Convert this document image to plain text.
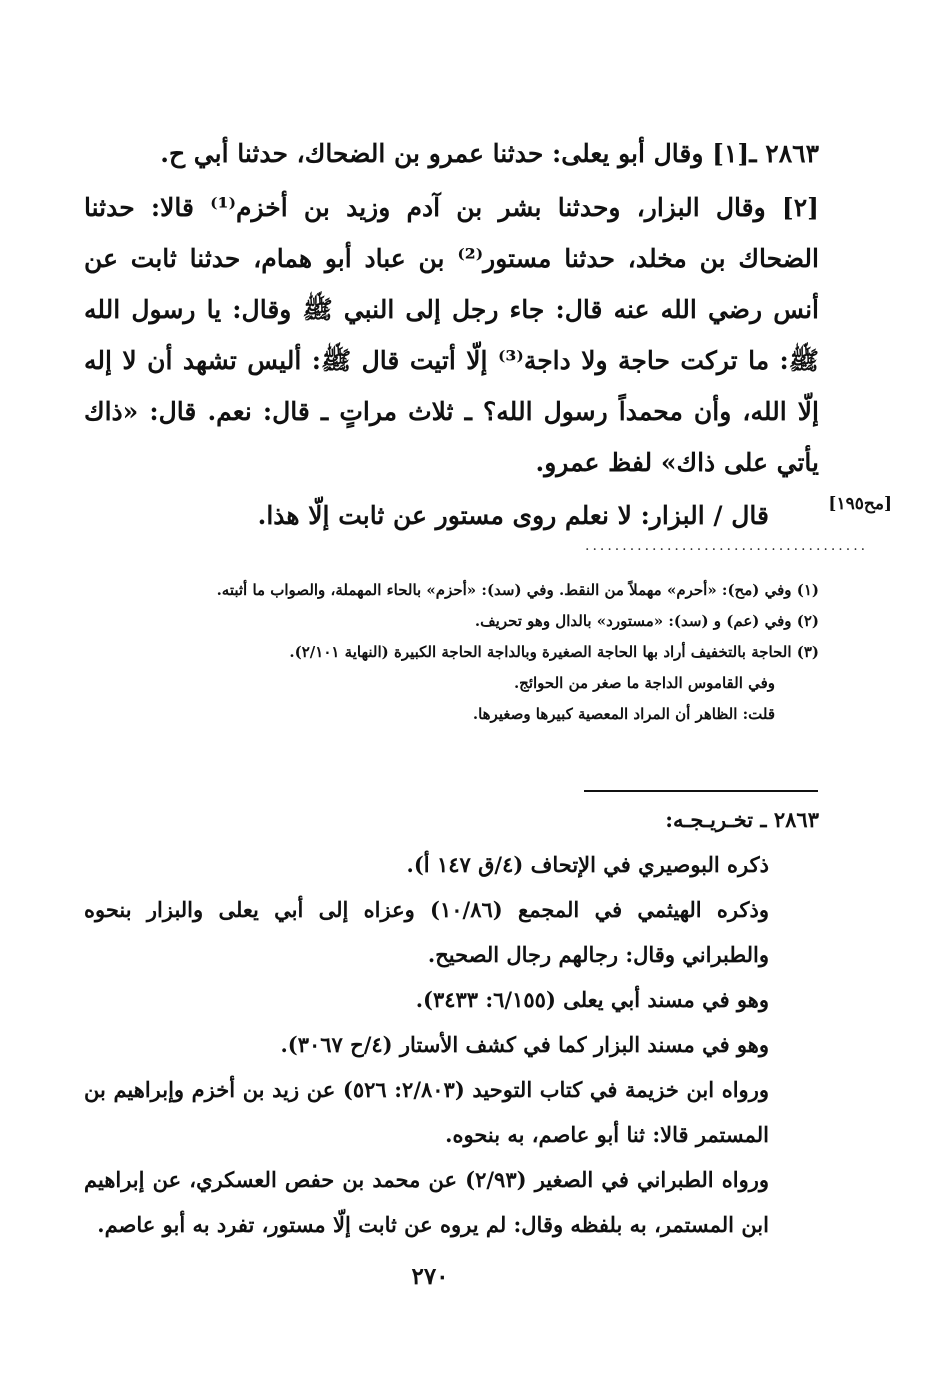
٢٨٦٣ ـ[١] وقال أبو يعلى: حدثنا عمرو بن الضحاك، حدثنا أبي ح.

[٢] وقال البزار، وحدثنا بشر بن آدم وزيد بن أخزم⁽¹⁾ قالا: حدثنا الضحاك بن مخلد، حدثنا مستور⁽²⁾ بن عباد أبو همام، حدثنا ثابت عن أنس رضي الله عنه قال: جاء رجل إلى النبي ﷺ وقال: يا رسول الله ﷺ: ما تركت حاجة ولا داجة⁽³⁾ إلّا أتيت قال ﷺ: أليس تشهد أن لا إله إلّا الله، وأن محمداً رسول الله؟ ـ ثلاث مراتٍ ـ قال: نعم. قال: «ذاك يأتي على ذاك» لفظ عمرو.

قال / البزار: لا نعلم روى مستور عن ثابت إلّا هذا.	[مح١٩٥]
......................................

(١) وفي (مح): «أحرم» مهملاً من النقط. وفي (سد): «أحزم» بالحاء المهملة، والصواب ما أثبته.

(٢) وفي (عم) و (سد): «مستورد» بالدال وهو تحريف.

(٣) الحاجة بالتخفيف أراد بها الحاجة الصغيرة وبالداجة الحاجة الكبيرة (النهاية ٢/١٠١).

وفي القاموس الداجة ما صغر من الحوائج.

قلت: الظاهر أن المراد المعصية كبيرها وصغيرها.

٢٨٦٣ ـ تخـريـجـه:

ذكره البوصيري في الإتحاف (٤/ق ١٤٧ أ).

وذكره الهيثمي في المجمع (١٠/٨٦) وعزاه إلى أبي يعلى والبزار بنحوه والطبراني وقال: رجالهم رجال الصحيح.

وهو في مسند أبي يعلى (٦/١٥٥: ٣٤٣٣).

وهو في مسند البزار كما في كشف الأستار (٤/ح ٣٠٦٧).

ورواه ابن خزيمة في كتاب التوحيد (٢/٨٠٣: ٥٢٦) عن زيد بن أخزم وإبراهيم بن المستمر قالا: ثنا أبو عاصم، به بنحوه.

ورواه الطبراني في الصغير (٢/٩٣) عن محمد بن حفص العسكري، عن إبراهيم ابن المستمر، به بلفظه وقال: لم يروه عن ثابت إلّا مستور، تفرد به أبو عاصم.

٢٧٠
